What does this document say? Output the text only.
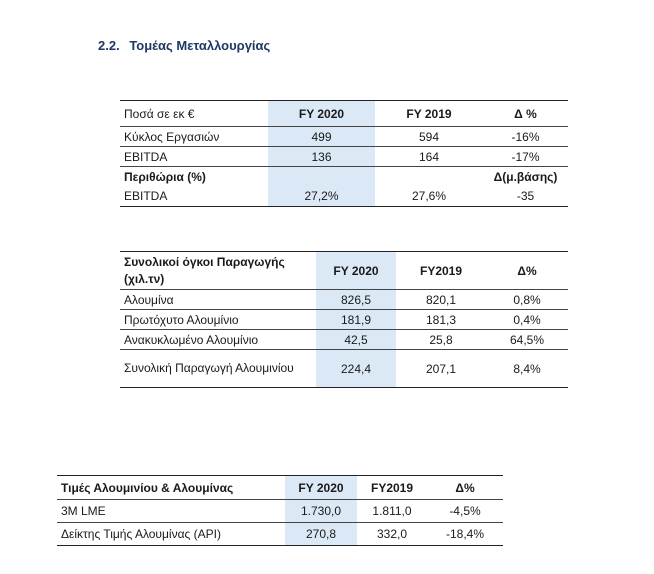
2.2. Τομέας Μεταλλουργίας
Ποσά σε εκ €	FY 2020	FY 2019	Δ %
Κύκλος Εργασιών	499	594	-16%
EBITDA	136	164	-17%
Περιθώρια (%)			Δ(μ.βάσης)
EBITDA	27,2%	27,6%	-35
Συνολικοί όγκοι Παραγωγής (χιλ.τν)	FY 2020	FY2019	Δ%
Αλουμίνα	826,5	820,1	0,8%
Πρωτόχυτο Αλουμίνιο	181,9	181,3	0,4%
Ανακυκλωμένο Αλουμίνιο	42,5	25,8	64,5%
Συνολική Παραγωγή Αλουμινίου	224,4	207,1	8,4%
Τιμές Αλουμινίου & Αλουμίνας	FY 2020	FY2019	Δ%
3M LME	1.730,0	1.811,0	-4,5%
Δείκτης Τιμής Αλουμίνας (API)	270,8	332,0	-18,4%
